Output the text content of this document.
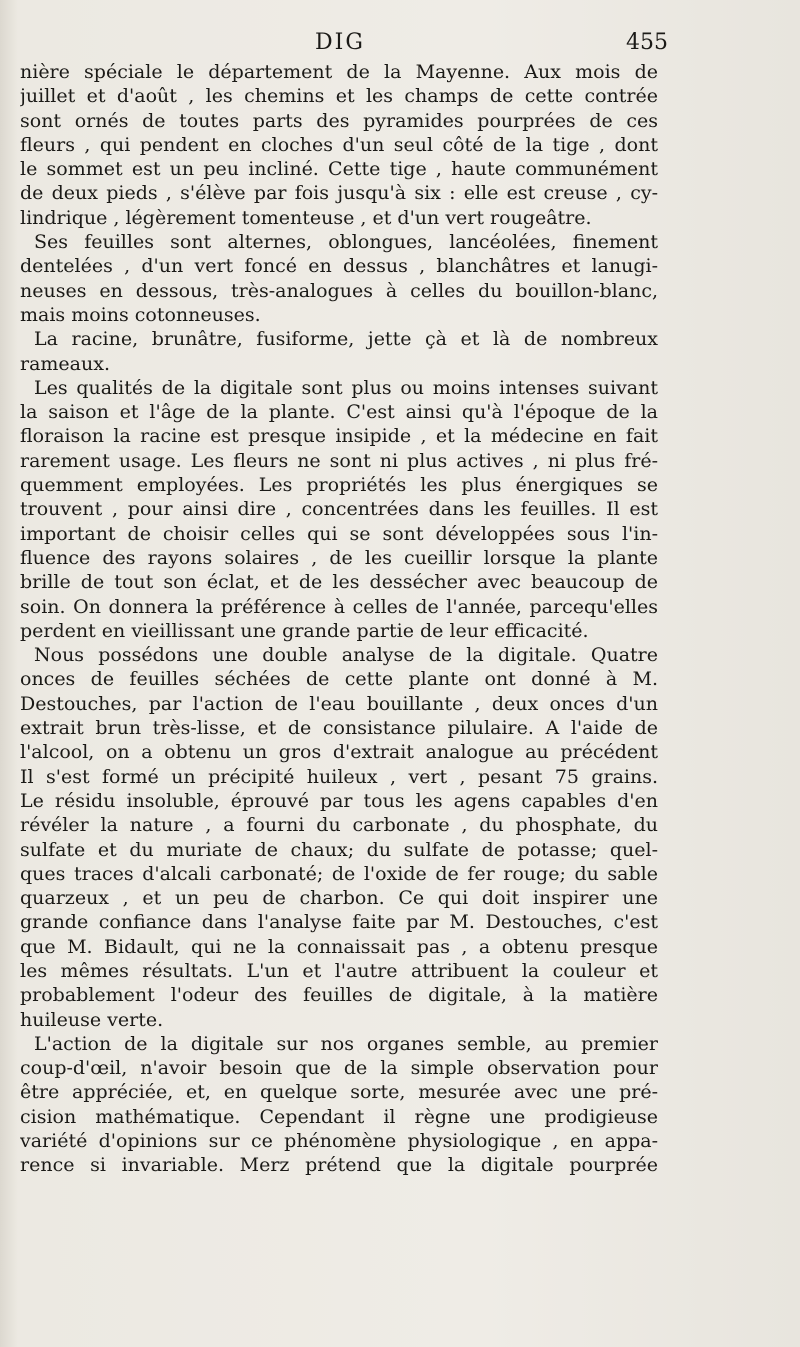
DIG	455
nière spéciale le département de la Mayenne. Aux mois de
juillet et d'août , les chemins et les champs de cette contrée
sont ornés de toutes parts des pyramides pourprées de ces
fleurs , qui pendent en cloches d'un seul côté de la tige , dont
le sommet est un peu incliné. Cette tige , haute communément
de deux pieds , s'élève par fois jusqu'à six : elle est creuse , cy-
lindrique , légèrement tomenteuse , et d'un vert rougeâtre.
Ses feuilles sont alternes, oblongues, lancéolées, finement
dentelées , d'un vert foncé en dessus , blanchâtres et lanugi-
neuses en dessous, très-analogues à celles du bouillon-blanc,
mais moins cotonneuses.
La racine, brunâtre, fusiforme, jette çà et là de nombreux
rameaux.
Les qualités de la digitale sont plus ou moins intenses suivant
la saison et l'âge de la plante. C'est ainsi qu'à l'époque de la
floraison la racine est presque insipide , et la médecine en fait
rarement usage. Les fleurs ne sont ni plus actives , ni plus fré-
quemment employées. Les propriétés les plus énergiques se
trouvent , pour ainsi dire , concentrées dans les feuilles. Il est
important de choisir celles qui se sont développées sous l'in-
fluence des rayons solaires , de les cueillir lorsque la plante
brille de tout son éclat, et de les dessécher avec beaucoup de
soin. On donnera la préférence à celles de l'année, parcequ'elles
perdent en vieillissant une grande partie de leur efficacité.
Nous possédons une double analyse de la digitale. Quatre
onces de feuilles séchées de cette plante ont donné à M.
Destouches, par l'action de l'eau bouillante , deux onces d'un
extrait brun très-lisse, et de consistance pilulaire. A l'aide de
l'alcool, on a obtenu un gros d'extrait analogue au précédent
Il s'est formé un précipité huileux , vert , pesant 75 grains.
Le résidu insoluble, éprouvé par tous les agens capables d'en
révéler la nature , a fourni du carbonate , du phosphate, du
sulfate et du muriate de chaux; du sulfate de potasse; quel-
ques traces d'alcali carbonaté; de l'oxide de fer rouge; du sable
quarzeux , et un peu de charbon. Ce qui doit inspirer une
grande confiance dans l'analyse faite par M. Destouches, c'est
que M. Bidault, qui ne la connaissait pas , a obtenu presque
les mêmes résultats. L'un et l'autre attribuent la couleur et
probablement l'odeur des feuilles de digitale, à la matière
huileuse verte.
L'action de la digitale sur nos organes semble, au premier
coup-d'œil, n'avoir besoin que de la simple observation pour
être appréciée, et, en quelque sorte, mesurée avec une pré-
cision mathématique. Cependant il règne une prodigieuse
variété d'opinions sur ce phénomène physiologique , en appa-
rence si invariable. Merz prétend que la digitale pourprée
